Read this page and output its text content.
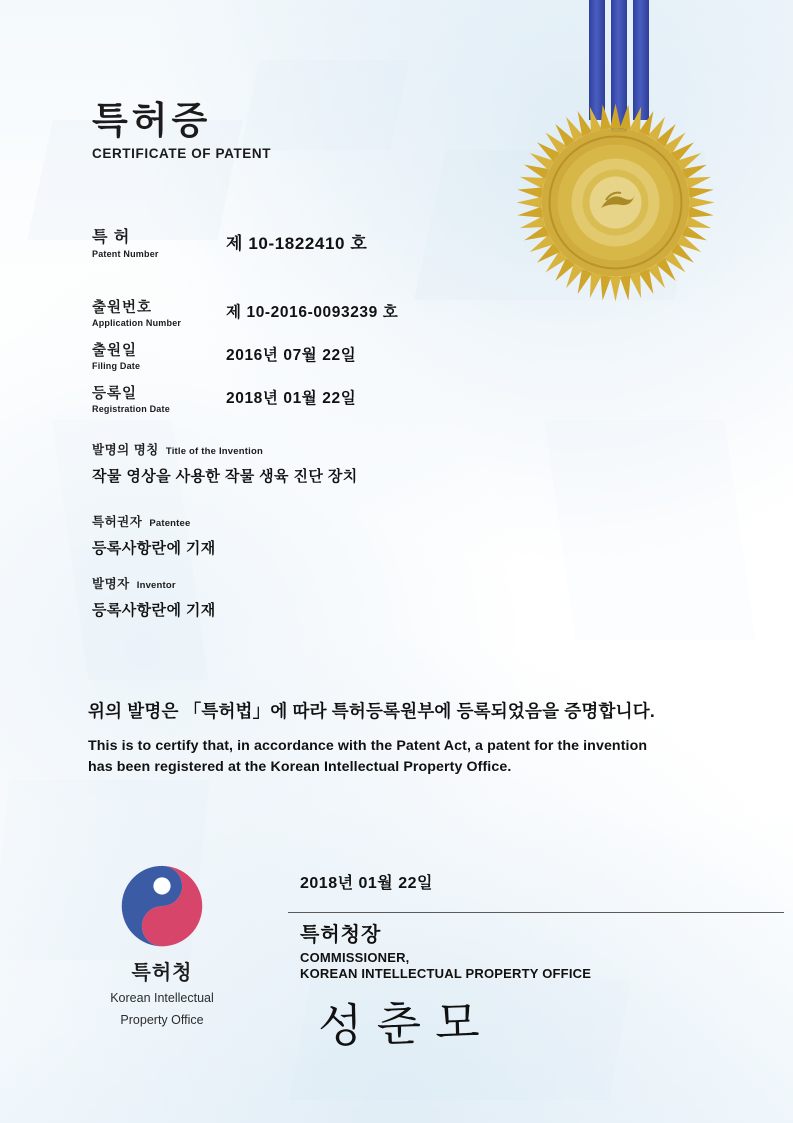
특허증
CERTIFICATE OF PATENT
특 허
Patent Number
제 10-1822410 호
출원번호
Application Number
제 10-2016-0093239 호
출원일
Filing Date
2016년 07월 22일
등록일
Registration Date
2018년 01월 22일
발명의 명칭 Title of the Invention
작물 영상을 사용한 작물 생육 진단 장치
특허권자 Patentee
등록사항란에 기재
발명자 Inventor
등록사항란에 기재
위의 발명은 「특허법」에 따라 특허등록원부에 등록되었음을 증명합니다.
This is to certify that, in accordance with the Patent Act, a patent for the invention
has been registered at the Korean Intellectual Property Office.
2018년 01월 22일
특허청장
COMMISSIONER,
KOREAN INTELLECTUAL PROPERTY OFFICE
성춘모
특허청
Korean Intellectual
Property Office
